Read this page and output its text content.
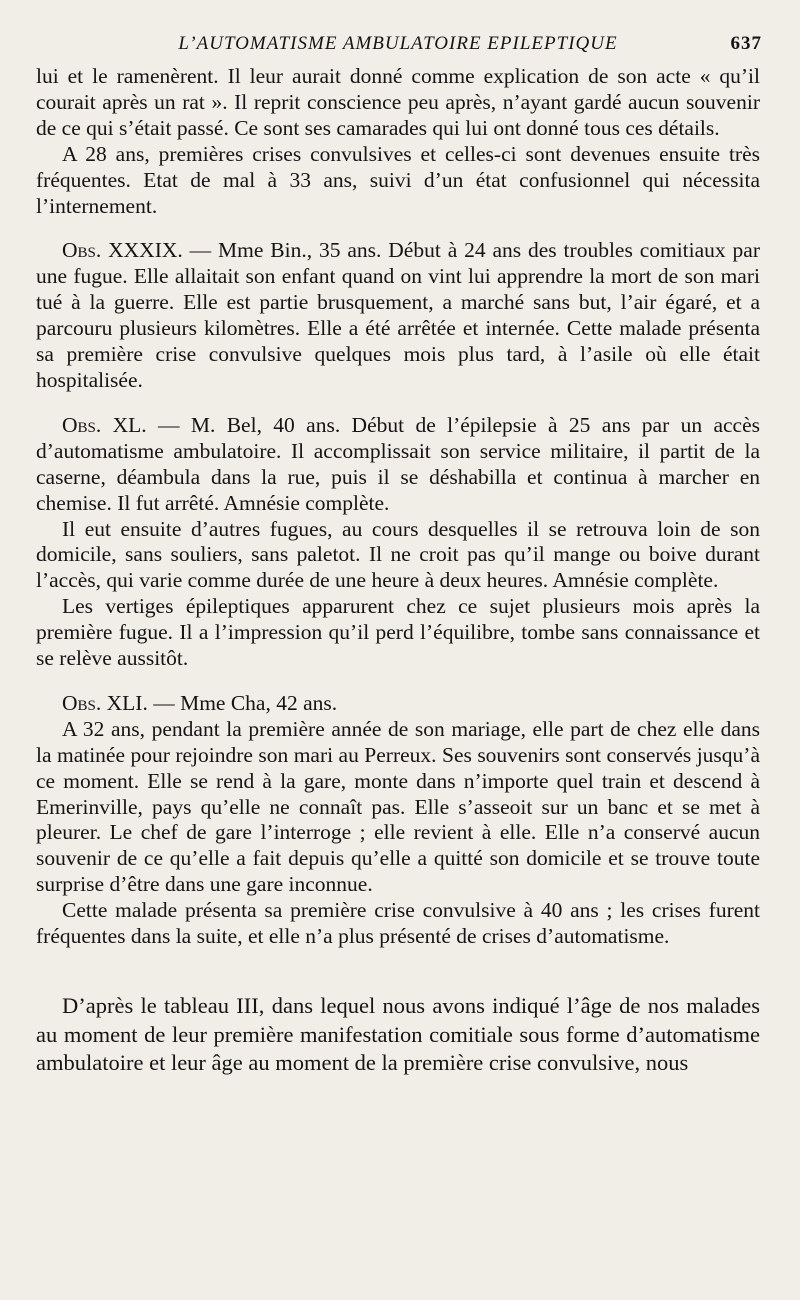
L’AUTOMATISME AMBULATOIRE EPILEPTIQUE	637

lui et le ramenèrent. Il leur aurait donné comme explication de son acte « qu’il courait après un rat ». Il reprit conscience peu après, n’ayant gardé aucun souvenir de ce qui s’était passé. Ce sont ses camarades qui lui ont donné tous ces détails.

A 28 ans, premières crises convulsives et celles-ci sont devenues ensuite très fréquentes. Etat de mal à 33 ans, suivi d’un état confusionnel qui nécessita l’internement.

Obs. XXXIX. — Mme Bin., 35 ans. Début à 24 ans des troubles comitiaux par une fugue. Elle allaitait son enfant quand on vint lui apprendre la mort de son mari tué à la guerre. Elle est partie brusquement, a marché sans but, l’air égaré, et a parcouru plusieurs kilomètres. Elle a été arrêtée et internée. Cette malade présenta sa première crise convulsive quelques mois plus tard, à l’asile où elle était hospitalisée.

Obs. XL. — M. Bel, 40 ans. Début de l’épilepsie à 25 ans par un accès d’automatisme ambulatoire. Il accomplissait son service militaire, il partit de la caserne, déambula dans la rue, puis il se déshabilla et continua à marcher en chemise. Il fut arrêté. Amnésie complète.

Il eut ensuite d’autres fugues, au cours desquelles il se retrouva loin de son domicile, sans souliers, sans paletot. Il ne croit pas qu’il mange ou boive durant l’accès, qui varie comme durée de une heure à deux heures. Amnésie complète.

Les vertiges épileptiques apparurent chez ce sujet plusieurs mois après la première fugue. Il a l’impression qu’il perd l’équilibre, tombe sans connaissance et se relève aussitôt.

Obs. XLI. — Mme Cha, 42 ans.

A 32 ans, pendant la première année de son mariage, elle part de chez elle dans la matinée pour rejoindre son mari au Perreux. Ses souvenirs sont conservés jusqu’à ce moment. Elle se rend à la gare, monte dans n’importe quel train et descend à Emerinville, pays qu’elle ne connaît pas. Elle s’asseoit sur un banc et se met à pleurer. Le chef de gare l’interroge ; elle revient à elle. Elle n’a conservé aucun souvenir de ce qu’elle a fait depuis qu’elle a quitté son domicile et se trouve toute surprise d’être dans une gare inconnue.

Cette malade présenta sa première crise convulsive à 40 ans ; les crises furent fréquentes dans la suite, et elle n’a plus présenté de crises d’automatisme.

D’après le tableau III, dans lequel nous avons indiqué l’âge de nos malades au moment de leur première manifestation comitiale sous forme d’automatisme ambulatoire et leur âge au moment de la première crise convulsive, nous
